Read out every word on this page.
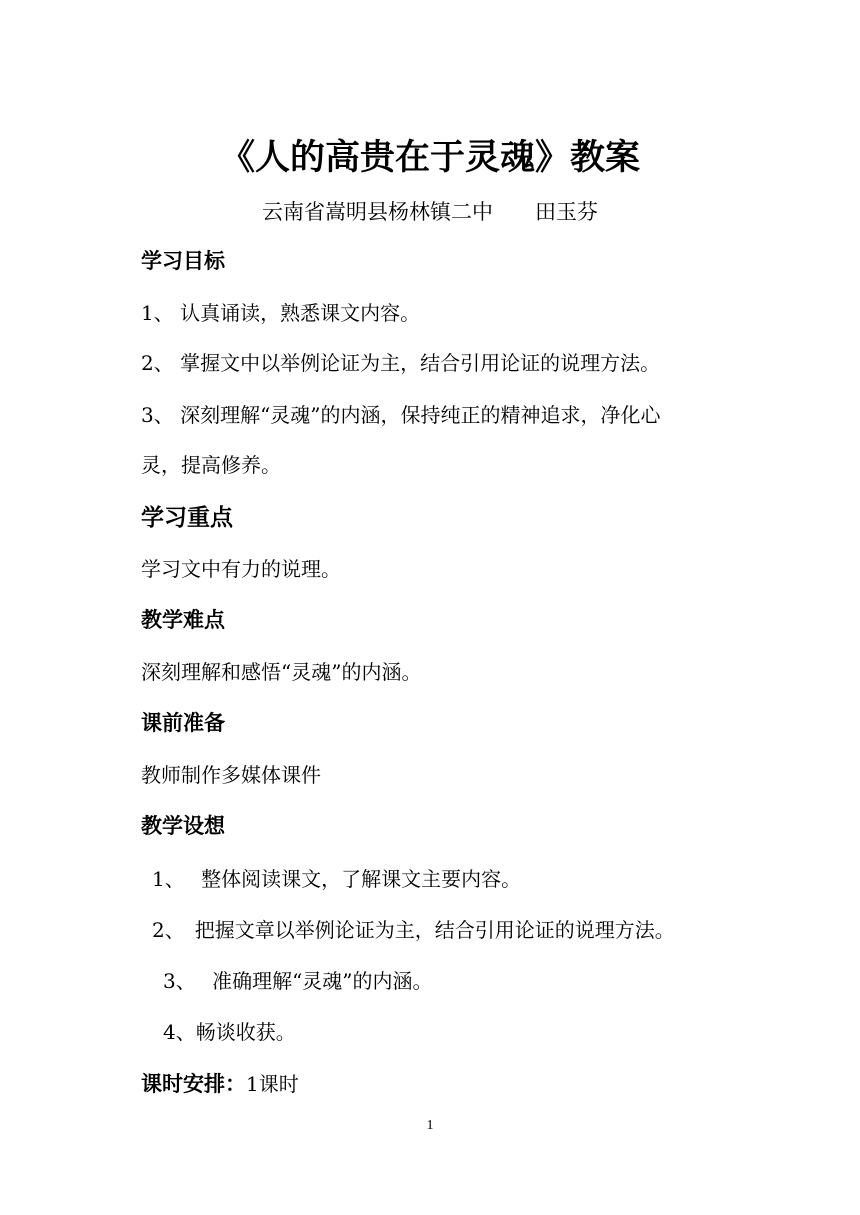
《人的高贵在于灵魂》教案
云南省嵩明县杨林镇二中　　田玉芬
学习目标
1、 认真诵读，熟悉课文内容。
2、 掌握文中以举例论证为主，结合引用论证的说理方法。
3、 深刻理解“灵魂”的内涵，保持纯正的精神追求，净化心
灵，提高修养。
学习重点
学习文中有力的说理。
教学难点
深刻理解和感悟“灵魂”的内涵。
课前准备
教师制作多媒体课件
教学设想
1、　 整体阅读课文，了解课文主要内容。
2、　把握文章以举例论证为主，结合引用论证的说理方法。
3、　 准确理解“灵魂”的内涵。
4、畅谈收获。
课时安排：1课时
1
